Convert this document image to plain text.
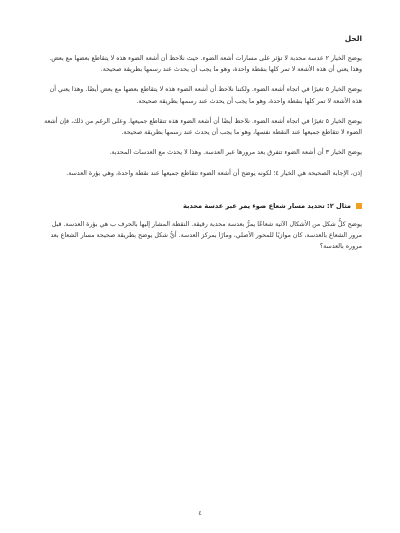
الحل

يوضح الخيار ٢ عدسة محدبة لا تؤثر على مسارات أشعة الضوء. حيث نلاحظ أن أشعة الضوء هذه لا يتقاطع بعضها مع بعض. وهذا يعني أن هذه الأشعة لا تمر كلها بنقطة واحدة، وهو ما يجب أن يحدث عند رسمها بطريقة صحيحة.

يوضح الخيار ٥ تغيرًا في اتجاه أشعة الضوء. ولكننا نلاحظ أن أشعة الضوء هذه لا يتقاطع بعضها مع بعض أيضًا. وهذا يعني أن هذه الأشعة لا تمر كلها بنقطة واحدة، وهو ما يجب أن يحدث عند رسمها بطريقة صحيحة.

يوضح الخيار ٥ تغيرًا في اتجاه أشعة الضوء. نلاحظ أيضًا أن أشعة الضوء هذه تتقاطع جميعها. وعلى الرغم من ذلك، فإن أشعة الضوء لا تتقاطع جميعها عند النقطة نفسها، وهو ما يجب أن يحدث عند رسمها بطريقة صحيحة.

يوضح الخيار ٣ أن أشعة الضوء تتفرق بعد مرورها عبر العدسة. وهذا لا يحدث مع العدسات المحدبة.

إذن، الإجابة الصحيحة هي الخيار ٤؛ لكونه يوضح أن أشعة الضوء تتقاطع جميعها عند نقطة واحدة، وهي بؤرة العدسة.

مثال ٢: تحديد مسار شعاع ضوء يمر عبر عدسة محدبة

يوضح كلُّ شكل من الأشكال الآتية شعاعًا يمرُّ بعدسة محدبة رقيقة. النقطة المشار إليها بالحرف ب هي بؤرة العدسة. قبل مرور الشعاع بالعدسة، كان موازيًا للمحور الأصلي، ومارًا بمركز العدسة. أيُّ شكل يوضح بطريقة صحيحة مسار الشعاع بعد مروره بالعدسة؟

٤
